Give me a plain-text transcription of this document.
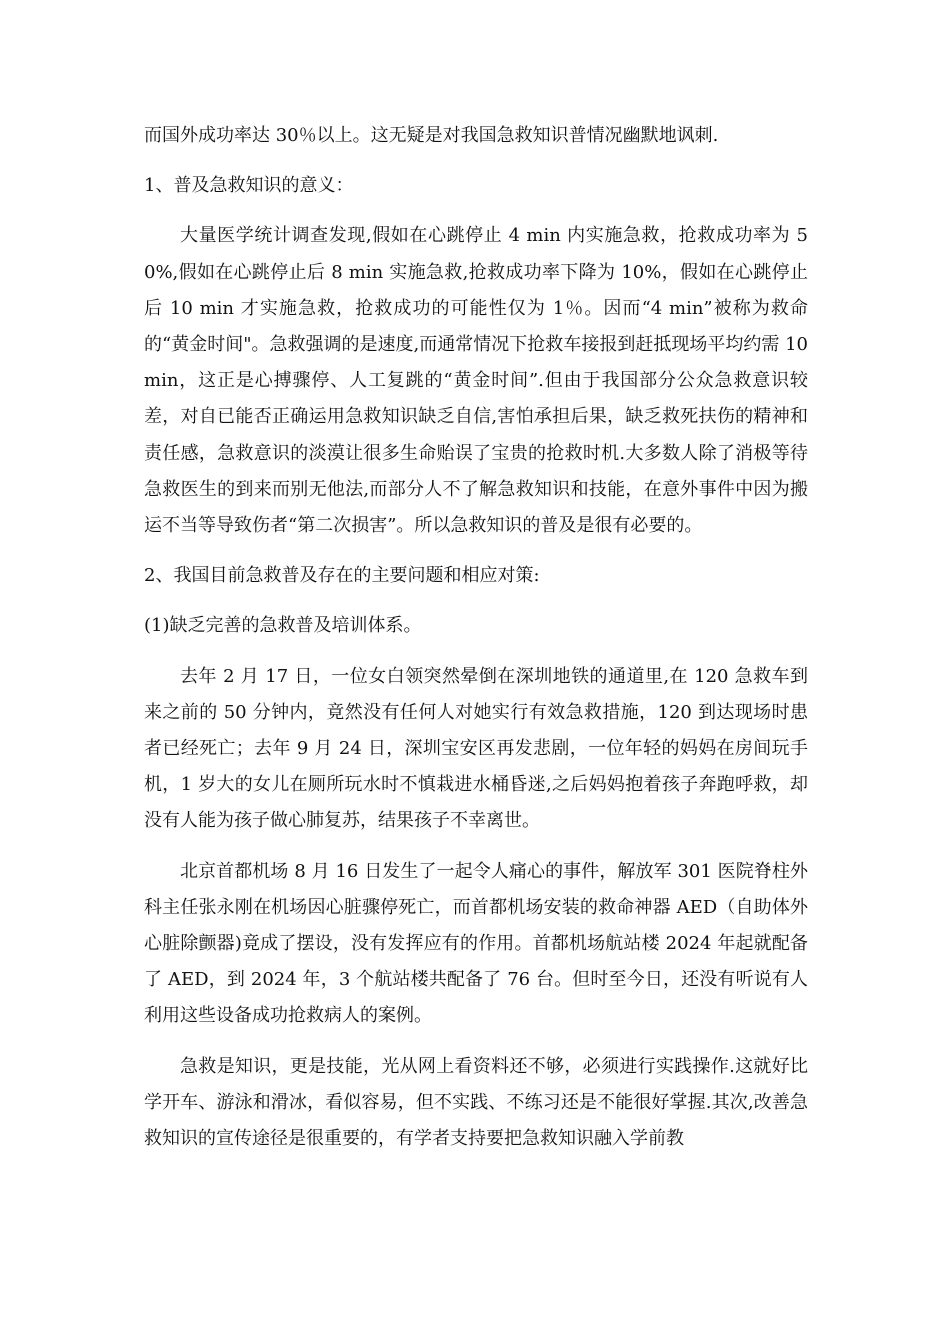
而国外成功率达 30％以上。这无疑是对我国急救知识普情况幽默地讽刺.

1、普及急救知识的意义：

大量医学统计调查发现,假如在心跳停止 4 min 内实施急救，抢救成功率为 50%,假如在心跳停止后 8 min 实施急救,抢救成功率下降为 10%，假如在心跳停止后 10 min 才实施急救，抢救成功的可能性仅为 1％。因而“4 min”被称为救命的“黄金时间"。急救强调的是速度,而通常情况下抢救车接报到赶抵现场平均约需 10min，这正是心搏骤停、人工复跳的“黄金时间”.但由于我国部分公众急救意识较差，对自已能否正确运用急救知识缺乏自信,害怕承担后果，缺乏救死扶伤的精神和责任感，急救意识的淡漠让很多生命贻误了宝贵的抢救时机.大多数人除了消极等待急救医生的到来而别无他法,而部分人不了解急救知识和技能，在意外事件中因为搬运不当等导致伤者“第二次损害”。所以急救知识的普及是很有必要的。

2、我国目前急救普及存在的主要问题和相应对策:

(1)缺乏完善的急救普及培训体系。

去年 2 月 17 日，一位女白领突然晕倒在深圳地铁的通道里,在 120 急救车到来之前的 50 分钟内，竟然没有任何人对她实行有效急救措施，120 到达现场时患者已经死亡；去年 9 月 24 日，深圳宝安区再发悲剧，一位年轻的妈妈在房间玩手机，1 岁大的女儿在厕所玩水时不慎栽进水桶昏迷,之后妈妈抱着孩子奔跑呼救，却没有人能为孩子做心肺复苏，结果孩子不幸离世。

北京首都机场 8 月 16 日发生了一起令人痛心的事件，解放军 301 医院脊柱外科主任张永刚在机场因心脏骤停死亡，而首都机场安装的救命神器 AED（自助体外心脏除颤器)竟成了摆设，没有发挥应有的作用。首都机场航站楼 2024 年起就配备了 AED，到 2024 年，3 个航站楼共配备了 76 台。但时至今日，还没有听说有人利用这些设备成功抢救病人的案例。

急救是知识，更是技能，光从网上看资料还不够，必须进行实践操作.这就好比学开车、游泳和滑冰，看似容易，但不实践、不练习还是不能很好掌握.其次,改善急救知识的宣传途径是很重要的，有学者支持要把急救知识融入学前教
